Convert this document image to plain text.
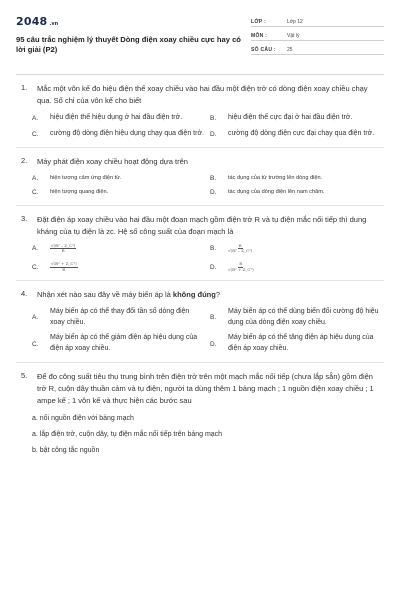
2048 .vn
95 câu trắc nghiệm lý thuyết Dòng điện xoay chiều cực hay có lời giải (P2)
LỚP :	Lớp 12
MÔN :	Vật lý
SỐ CÂU :	25
1. Mắc một vôn kế đo hiệu điện thế xoay chiều vào hai đầu một điện trở có dòng điện xoay chiều chạy qua. Số chỉ của vôn kế cho biết
A.	hiệu điện thế hiệu dụng ở hai đầu điện trở.	B.	hiệu điện thế cực đại ở hai đầu điện trở.
C.	cường độ dòng điện hiệu dụng chạy qua điện trở. D.	cường độ dòng điện cực đại chạy qua điện trở.
2. Máy phát điện xoay chiều hoạt động dựa trên
A.	hiện tượng cảm ứng điện từ.	B.	tác dụng của từ trường lên dòng điện.
C.	hiện tượng quang điện.	D.	tác dụng của dòng điện lên nam châm.
3. Đặt điện áp xoay chiều vào hai đầu một đoạn mạch gồm điện trở R và tụ điện mắc nối tiếp thì dung kháng của tụ điện là zc. Hệ số công suất của đoạn mạch là
A.	$\frac{\text{√(R² – Z\_C²)}}{R}$	B.	$\frac{R}{\text{√(R² – Z\_C²)}}$
C.	$\frac{\text{√(R² + Z\_C²)}}{R}$	D.	$\frac{R}{\text{√(R² + Z\_C²)}}$
4. Nhận xét nào sau đây về máy biến áp là không đúng?
A.
Máy biến áp có thể thay đổi tần số dòng điện xoay chiều.
B.
Máy biến áp có thể dùng biến đổi cường độ hiệu dụng của dòng điện xoay chiều.
C.
Máy biến áp có thể giảm điện áp hiệu dụng của điện áp xoay chiều.
D.
Máy biến áp có thể tăng điện áp hiệu dụng của điện áp xoay chiều.
5. Để đo công suất tiêu thụ trung bình trên điện trở trên một mạch mắc nối tiếp (chưa lắp sẵn) gồm điện trở R, cuộn dây thuần cảm và tụ điện, người ta dùng thêm 1 bảng mạch ; 1 nguồn điện xoay chiều ; 1 ampe kế ; 1 vôn kế và thực hiện các bước sau
a. nối nguồn điện với bảng mạch
a. lắp điện trở, cuộn dây, tụ điện mắc nối tiếp trên bảng mạch
b. bật công tắc nguồn
